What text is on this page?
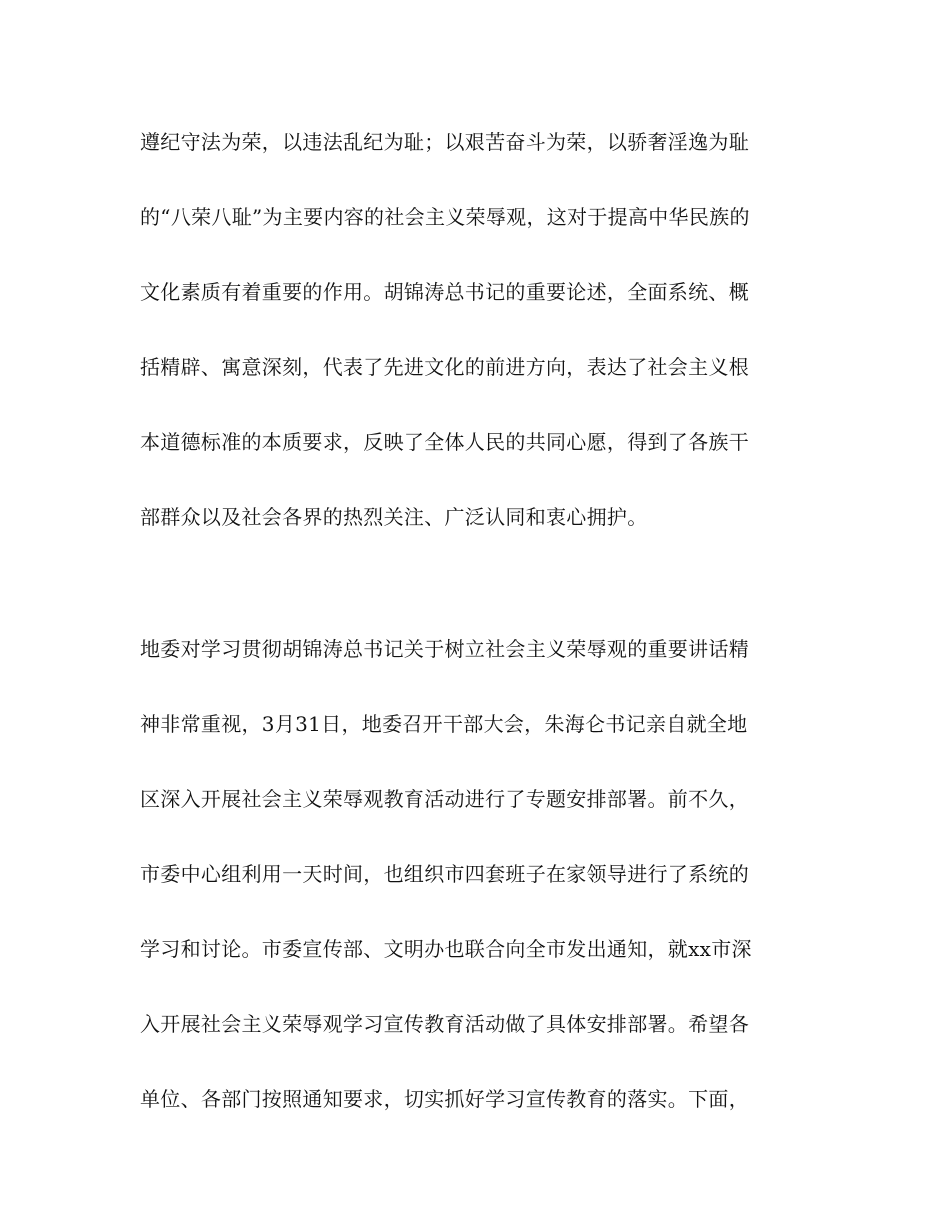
遵纪守法为荣，以违法乱纪为耻；以艰苦奋斗为荣，以骄奢淫逸为耻
的“八荣八耻”为主要内容的社会主义荣辱观，这对于提高中华民族的
文化素质有着重要的作用。胡锦涛总书记的重要论述，全面系统、概
括精辟、寓意深刻，代表了先进文化的前进方向，表达了社会主义根
本道德标准的本质要求，反映了全体人民的共同心愿，得到了各族干
部群众以及社会各界的热烈关注、广泛认同和衷心拥护。
地委对学习贯彻胡锦涛总书记关于树立社会主义荣辱观的重要讲话精
神非常重视，3月31日，地委召开干部大会，朱海仑书记亲自就全地
区深入开展社会主义荣辱观教育活动进行了专题安排部署。前不久，
市委中心组利用一天时间，也组织市四套班子在家领导进行了系统的
学习和讨论。市委宣传部、文明办也联合向全市发出通知，就xx市深
入开展社会主义荣辱观学习宣传教育活动做了具体安排部署。希望各
单位、各部门按照通知要求，切实抓好学习宣传教育的落实。下面，
